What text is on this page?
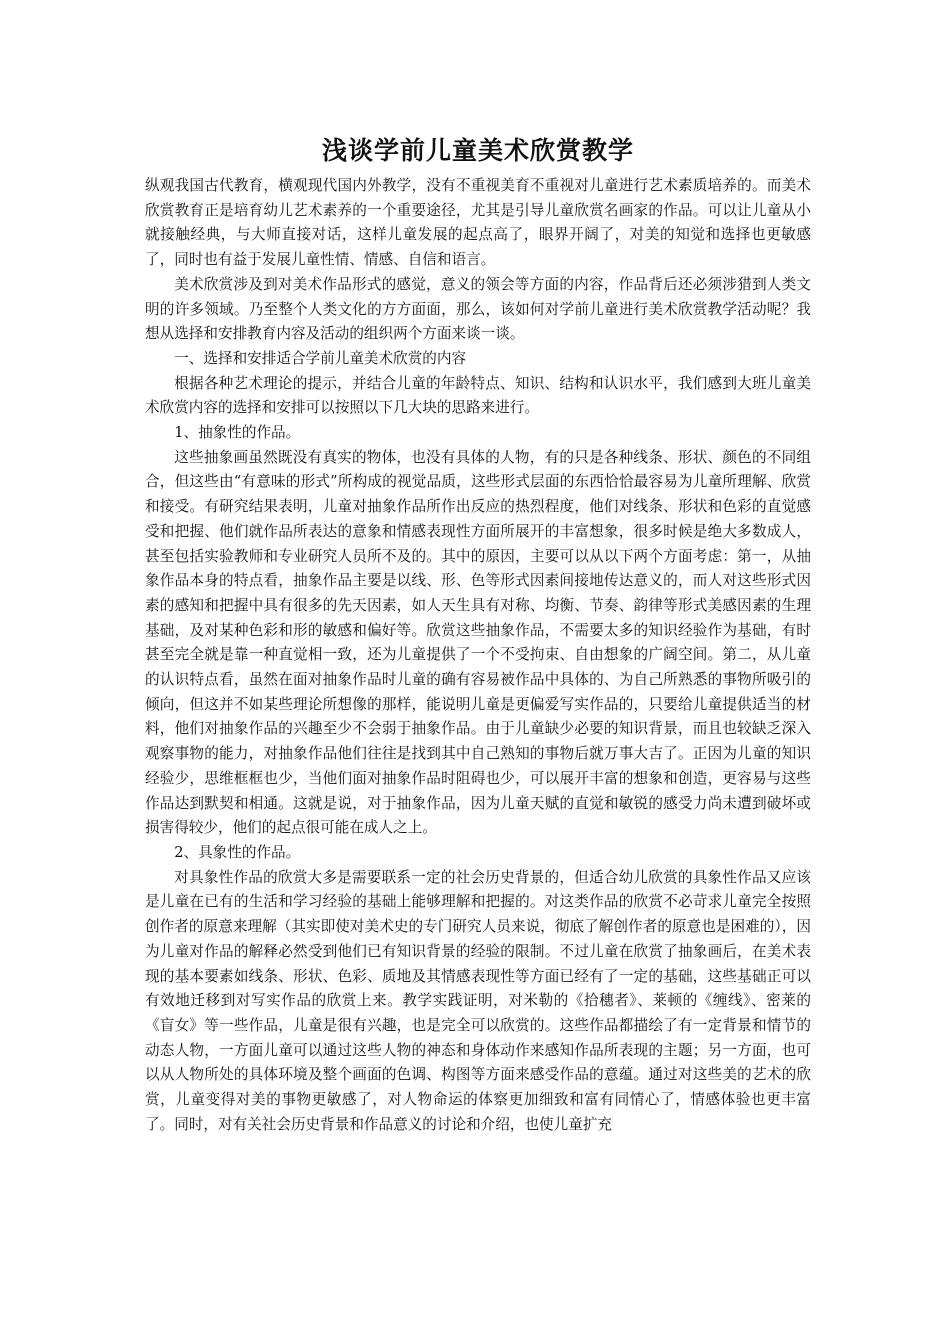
浅谈学前儿童美术欣赏教学

纵观我国古代教育，横观现代国内外教学，没有不重视美育不重视对儿童进行艺术素质培养的。而美术欣赏教育正是培育幼儿艺术素养的一个重要途径，尤其是引导儿童欣赏名画家的作品。可以让儿童从小就接触经典，与大师直接对话，这样儿童发展的起点高了，眼界开阔了，对美的知觉和选择也更敏感了，同时也有益于发展儿童性情、情感、自信和语言。

美术欣赏涉及到对美术作品形式的感觉，意义的领会等方面的内容，作品背后还必须涉猎到人类文明的许多领域。乃至整个人类文化的方方面面，那么，该如何对学前儿童进行美术欣赏教学活动呢？我想从选择和安排教育内容及活动的组织两个方面来谈一谈。

一、选择和安排适合学前儿童美术欣赏的内容

根据各种艺术理论的提示，并结合儿童的年龄特点、知识、结构和认识水平，我们感到大班儿童美术欣赏内容的选择和安排可以按照以下几大块的思路来进行。

1、抽象性的作品。

这些抽象画虽然既没有真实的物体，也没有具体的人物，有的只是各种线条、形状、颜色的不同组合，但这些由“有意味的形式”所构成的视觉品质，这些形式层面的东西恰恰最容易为儿童所理解、欣赏和接受。有研究结果表明，儿童对抽象作品所作出反应的热烈程度，他们对线条、形状和色彩的直觉感受和把握、他们就作品所表达的意象和情感表现性方面所展开的丰富想象，很多时候是绝大多数成人，甚至包括实验教师和专业研究人员所不及的。其中的原因，主要可以从以下两个方面考虑：第一，从抽象作品本身的特点看，抽象作品主要是以线、形、色等形式因素间接地传达意义的，而人对这些形式因素的感知和把握中具有很多的先天因素，如人天生具有对称、均衡、节奏、韵律等形式美感因素的生理基础，及对某种色彩和形的敏感和偏好等。欣赏这些抽象作品，不需要太多的知识经验作为基础，有时甚至完全就是靠一种直觉相一致，还为儿童提供了一个不受拘束、自由想象的广阔空间。第二，从儿童的认识特点看，虽然在面对抽象作品时儿童的确有容易被作品中具体的、为自己所熟悉的事物所吸引的倾向，但这并不如某些理论所想像的那样，能说明儿童是更偏爱写实作品的，只要给儿童提供适当的材料，他们对抽象作品的兴趣至少不会弱于抽象作品。由于儿童缺少必要的知识背景，而且也较缺乏深入观察事物的能力，对抽象作品他们往往是找到其中自己熟知的事物后就万事大吉了。正因为儿童的知识经验少，思维框框也少，当他们面对抽象作品时阻碍也少，可以展开丰富的想象和创造，更容易与这些作品达到默契和相通。这就是说，对于抽象作品，因为儿童天赋的直觉和敏锐的感受力尚未遭到破坏或损害得较少，他们的起点很可能在成人之上。

2、具象性的作品。

对具象性作品的欣赏大多是需要联系一定的社会历史背景的，但适合幼儿欣赏的具象性作品又应该是儿童在已有的生活和学习经验的基础上能够理解和把握的。对这类作品的欣赏不必苛求儿童完全按照创作者的原意来理解（其实即使对美术史的专门研究人员来说，彻底了解创作者的原意也是困难的），因为儿童对作品的解释必然受到他们已有知识背景的经验的限制。不过儿童在欣赏了抽象画后，在美术表现的基本要素如线条、形状、色彩、质地及其情感表现性等方面已经有了一定的基础，这些基础正可以有效地迁移到对写实作品的欣赏上来。教学实践证明，对米勒的《拾穗者》、莱顿的《缠线》、密莱的《盲女》等一些作品，儿童是很有兴趣，也是完全可以欣赏的。这些作品都描绘了有一定背景和情节的动态人物，一方面儿童可以通过这些人物的神态和身体动作来感知作品所表现的主题；另一方面，也可以从人物所处的具体环境及整个画面的色调、构图等方面来感受作品的意蕴。通过对这些美的艺术的欣赏，儿童变得对美的事物更敏感了，对人物命运的体察更加细致和富有同情心了，情感体验也更丰富了。同时，对有关社会历史背景和作品意义的讨论和介绍，也使儿童扩充
